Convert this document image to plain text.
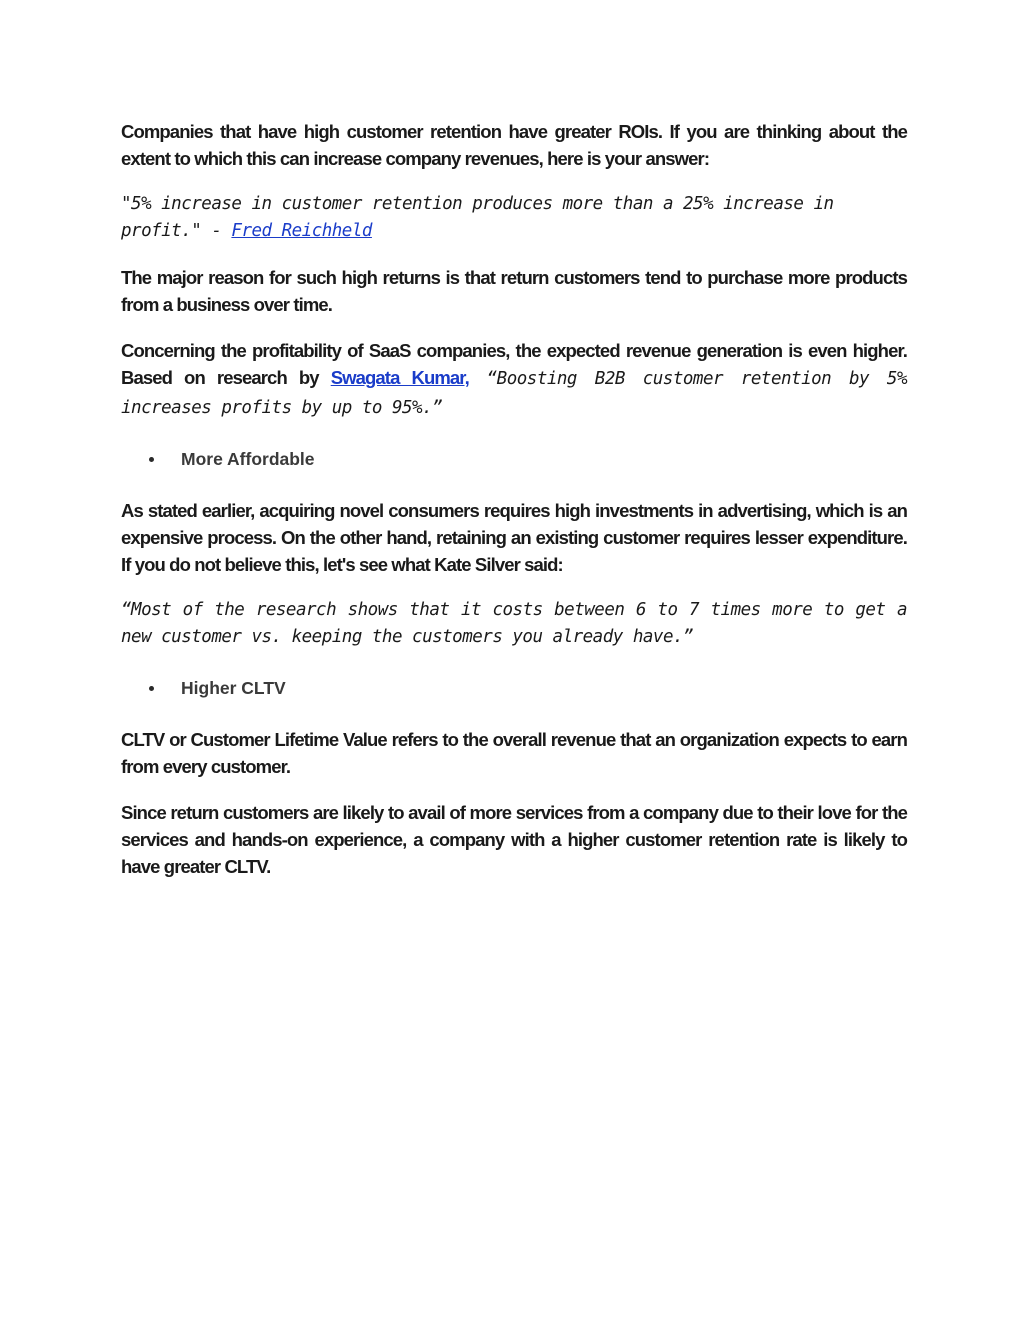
Companies that have high customer retention have greater ROIs. If you are thinking about the extent to which this can increase company revenues, here is your answer:

"5% increase in customer retention produces more than a 25% increase in profit." - Fred Reichheld

The major reason for such high returns is that return customers tend to purchase more products from a business over time.

Concerning the profitability of SaaS companies, the expected revenue generation is even higher. Based on research by Swagata Kumar, “Boosting B2B customer retention by 5% increases profits by up to 95%.”

More Affordable

As stated earlier, acquiring novel consumers requires high investments in advertising, which is an expensive process. On the other hand, retaining an existing customer requires lesser expenditure. If you do not believe this, let's see what Kate Silver said:

“Most of the research shows that it costs between 6 to 7 times more to get a new customer vs. keeping the customers you already have.”

Higher CLTV

CLTV or Customer Lifetime Value refers to the overall revenue that an organization expects to earn from every customer.

Since return customers are likely to avail of more services from a company due to their love for the services and hands-on experience, a company with a higher customer retention rate is likely to have greater CLTV.
